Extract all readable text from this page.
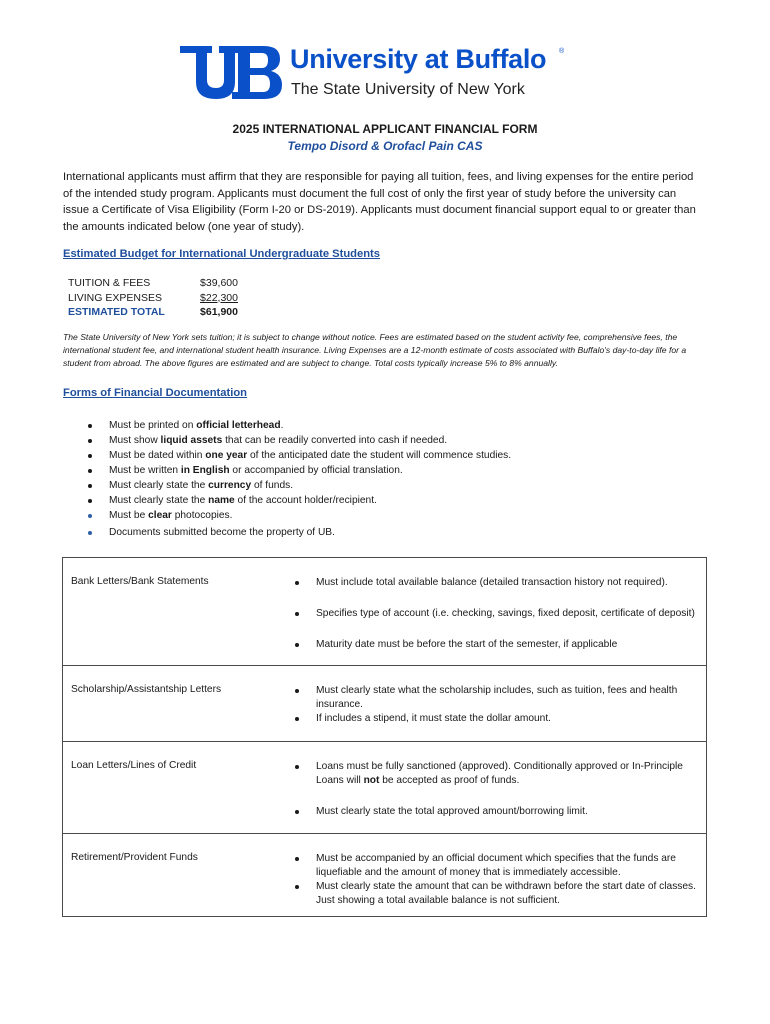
University at Buffalo ®
The State University of New York
2025 INTERNATIONAL APPLICANT FINANCIAL FORM
Tempo Disord & Orofacl Pain CAS
International applicants must affirm that they are responsible for paying all tuition, fees, and living expenses for the entire period of the intended study program. Applicants must document the full cost of only the first year of study before the university can issue a Certificate of Visa Eligibility (Form I-20 or DS-2019). Applicants must document financial support equal to or greater than the amounts indicated below (one year of study).
Estimated Budget for International Undergraduate Students
TUITION & FEES	$39,600
LIVING EXPENSES	$22,300
ESTIMATED TOTAL	$61,900
The State University of New York sets tuition; it is subject to change without notice. Fees are estimated based on the student activity fee, comprehensive fees, the international student fee, and international student health insurance. Living Expenses are a 12-month estimate of costs associated with Buffalo's day-to-day life for a student from abroad. The above figures are estimated and are subject to change. Total costs typically increase 5% to 8% annually.
Forms of Financial Documentation
Must be printed on official letterhead.
Must show liquid assets that can be readily converted into cash if needed.
Must be dated within one year of the anticipated date the student will commence studies.
Must be written in English or accompanied by official translation.
Must clearly state the currency of funds.
Must clearly state the name of the account holder/recipient.
Must be clear photocopies.
Documents submitted become the property of UB.
Bank Letters/Bank Statements	Must include total available balance (detailed transaction history not required).
Specifies type of account (i.e. checking, savings, fixed deposit, certificate of deposit)
Maturity date must be before the start of the semester, if applicable

Scholarship/Assistantship Letters	Must clearly state what the scholarship includes, such as tuition, fees and health insurance.
If includes a stipend, it must state the dollar amount.

Loan Letters/Lines of Credit	Loans must be fully sanctioned (approved). Conditionally approved or In-Principle Loans will not be accepted as proof of funds.
Must clearly state the total approved amount/borrowing limit.

Retirement/Provident Funds	Must be accompanied by an official document which specifies that the funds are liquefiable and the amount of money that is immediately accessible.
Must clearly state the amount that can be withdrawn before the start date of classes. Just showing a total available balance is not sufficient.
